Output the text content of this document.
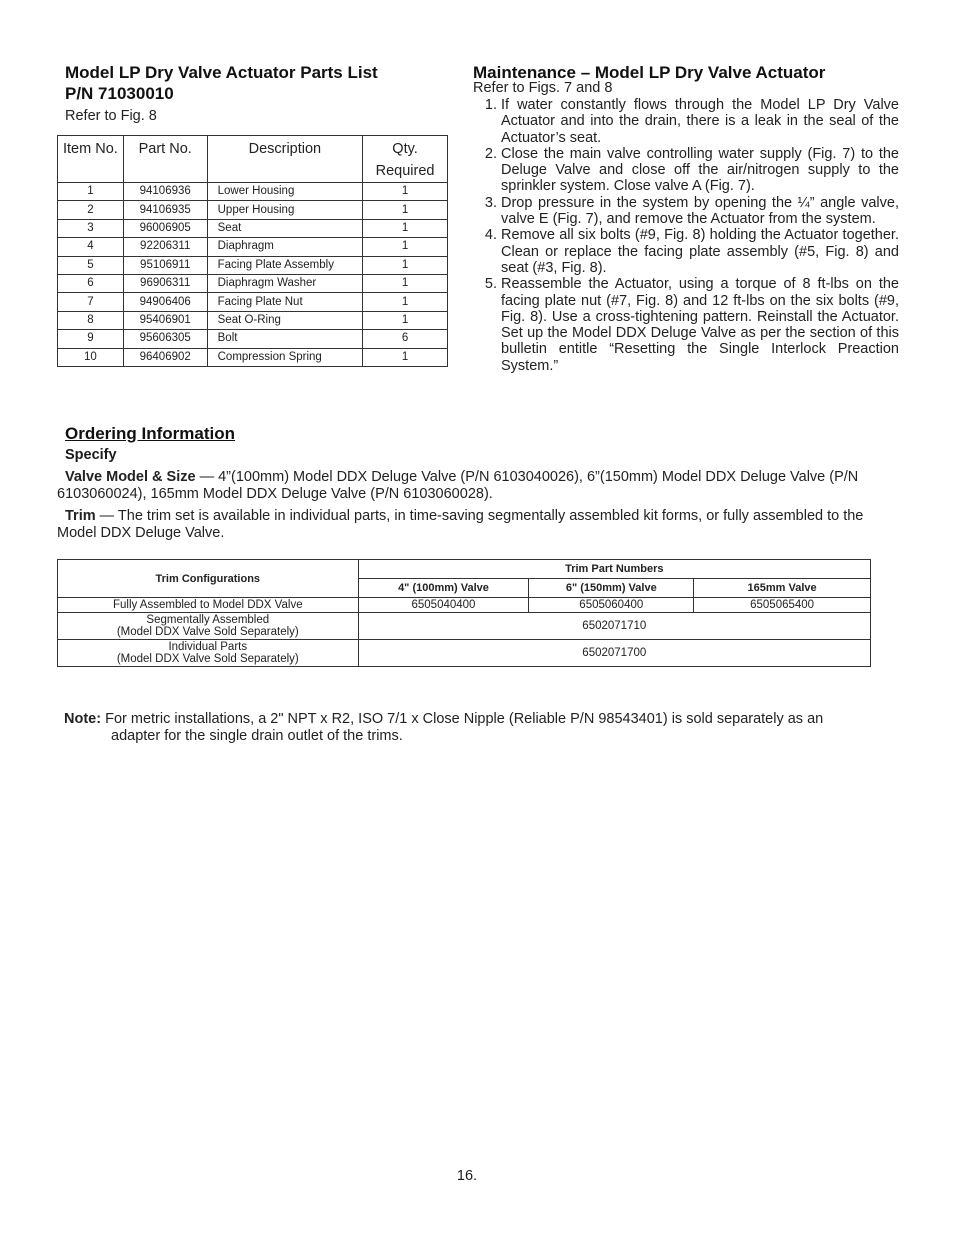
Model LP Dry Valve Actuator Parts List
P/N 71030010
Refer to Fig. 8
Item No.	Part No.	Description	Qty. Required
1	94106936	Lower Housing	1
2	94106935	Upper Housing	1
3	96006905	Seat	1
4	92206311	Diaphragm	1
5	95106911	Facing Plate Assembly	1
6	96906311	Diaphragm Washer	1
7	94906406	Facing Plate Nut	1
8	95406901	Seat O-Ring	1
9	95606305	Bolt	6
10	96406902	Compression Spring	1
Maintenance – Model LP Dry Valve Actuator
Refer to Figs. 7 and 8
1. If water constantly flows through the Model LP Dry Valve Actuator and into the drain, there is a leak in the seal of the Actuator’s seat.
2. Close the main valve controlling water supply (Fig. 7) to the Deluge Valve and close off the air/nitrogen supply to the sprinkler system. Close valve A (Fig. 7).
3. Drop pressure in the system by opening the ¼” angle valve, valve E (Fig. 7), and remove the Actuator from the system.
4. Remove all six bolts (#9, Fig. 8) holding the Actuator together. Clean or replace the facing plate assembly (#5, Fig. 8) and seat (#3, Fig. 8).
5. Reassemble the Actuator, using a torque of 8 ft-lbs on the facing plate nut (#7, Fig. 8) and 12 ft-lbs on the six bolts (#9, Fig. 8). Use a cross-tightening pattern. Reinstall the Actuator. Set up the Model DDX Deluge Valve as per the section of this bulletin entitle “Resetting the Single Interlock Preaction System.”
Ordering Information
Specify
Valve Model & Size — 4”(100mm) Model DDX Deluge Valve (P/N 6103040026), 6”(150mm) Model DDX Deluge Valve (P/N 6103060024), 165mm Model DDX Deluge Valve (P/N 6103060028).
Trim — The trim set is available in individual parts, in time-saving segmentally assembled kit forms, or fully assembled to the Model DDX Deluge Valve.
Trim Configurations	Trim Part Numbers		
	4" (100mm) Valve	6" (150mm) Valve	165mm Valve
Fully Assembled to Model DDX Valve	6505040400	6505060400	6505065400

Segmentally Assembled
(Model DDX Valve Sold Separately)	6502071710		

Individual Parts
(Model DDX Valve Sold Separately)	6502071700		
Note: For metric installations, a 2" NPT x R2, ISO 7/1 x Close Nipple (Reliable P/N 98543401) is sold separately as an
adapter for the single drain outlet of the trims.
16.
